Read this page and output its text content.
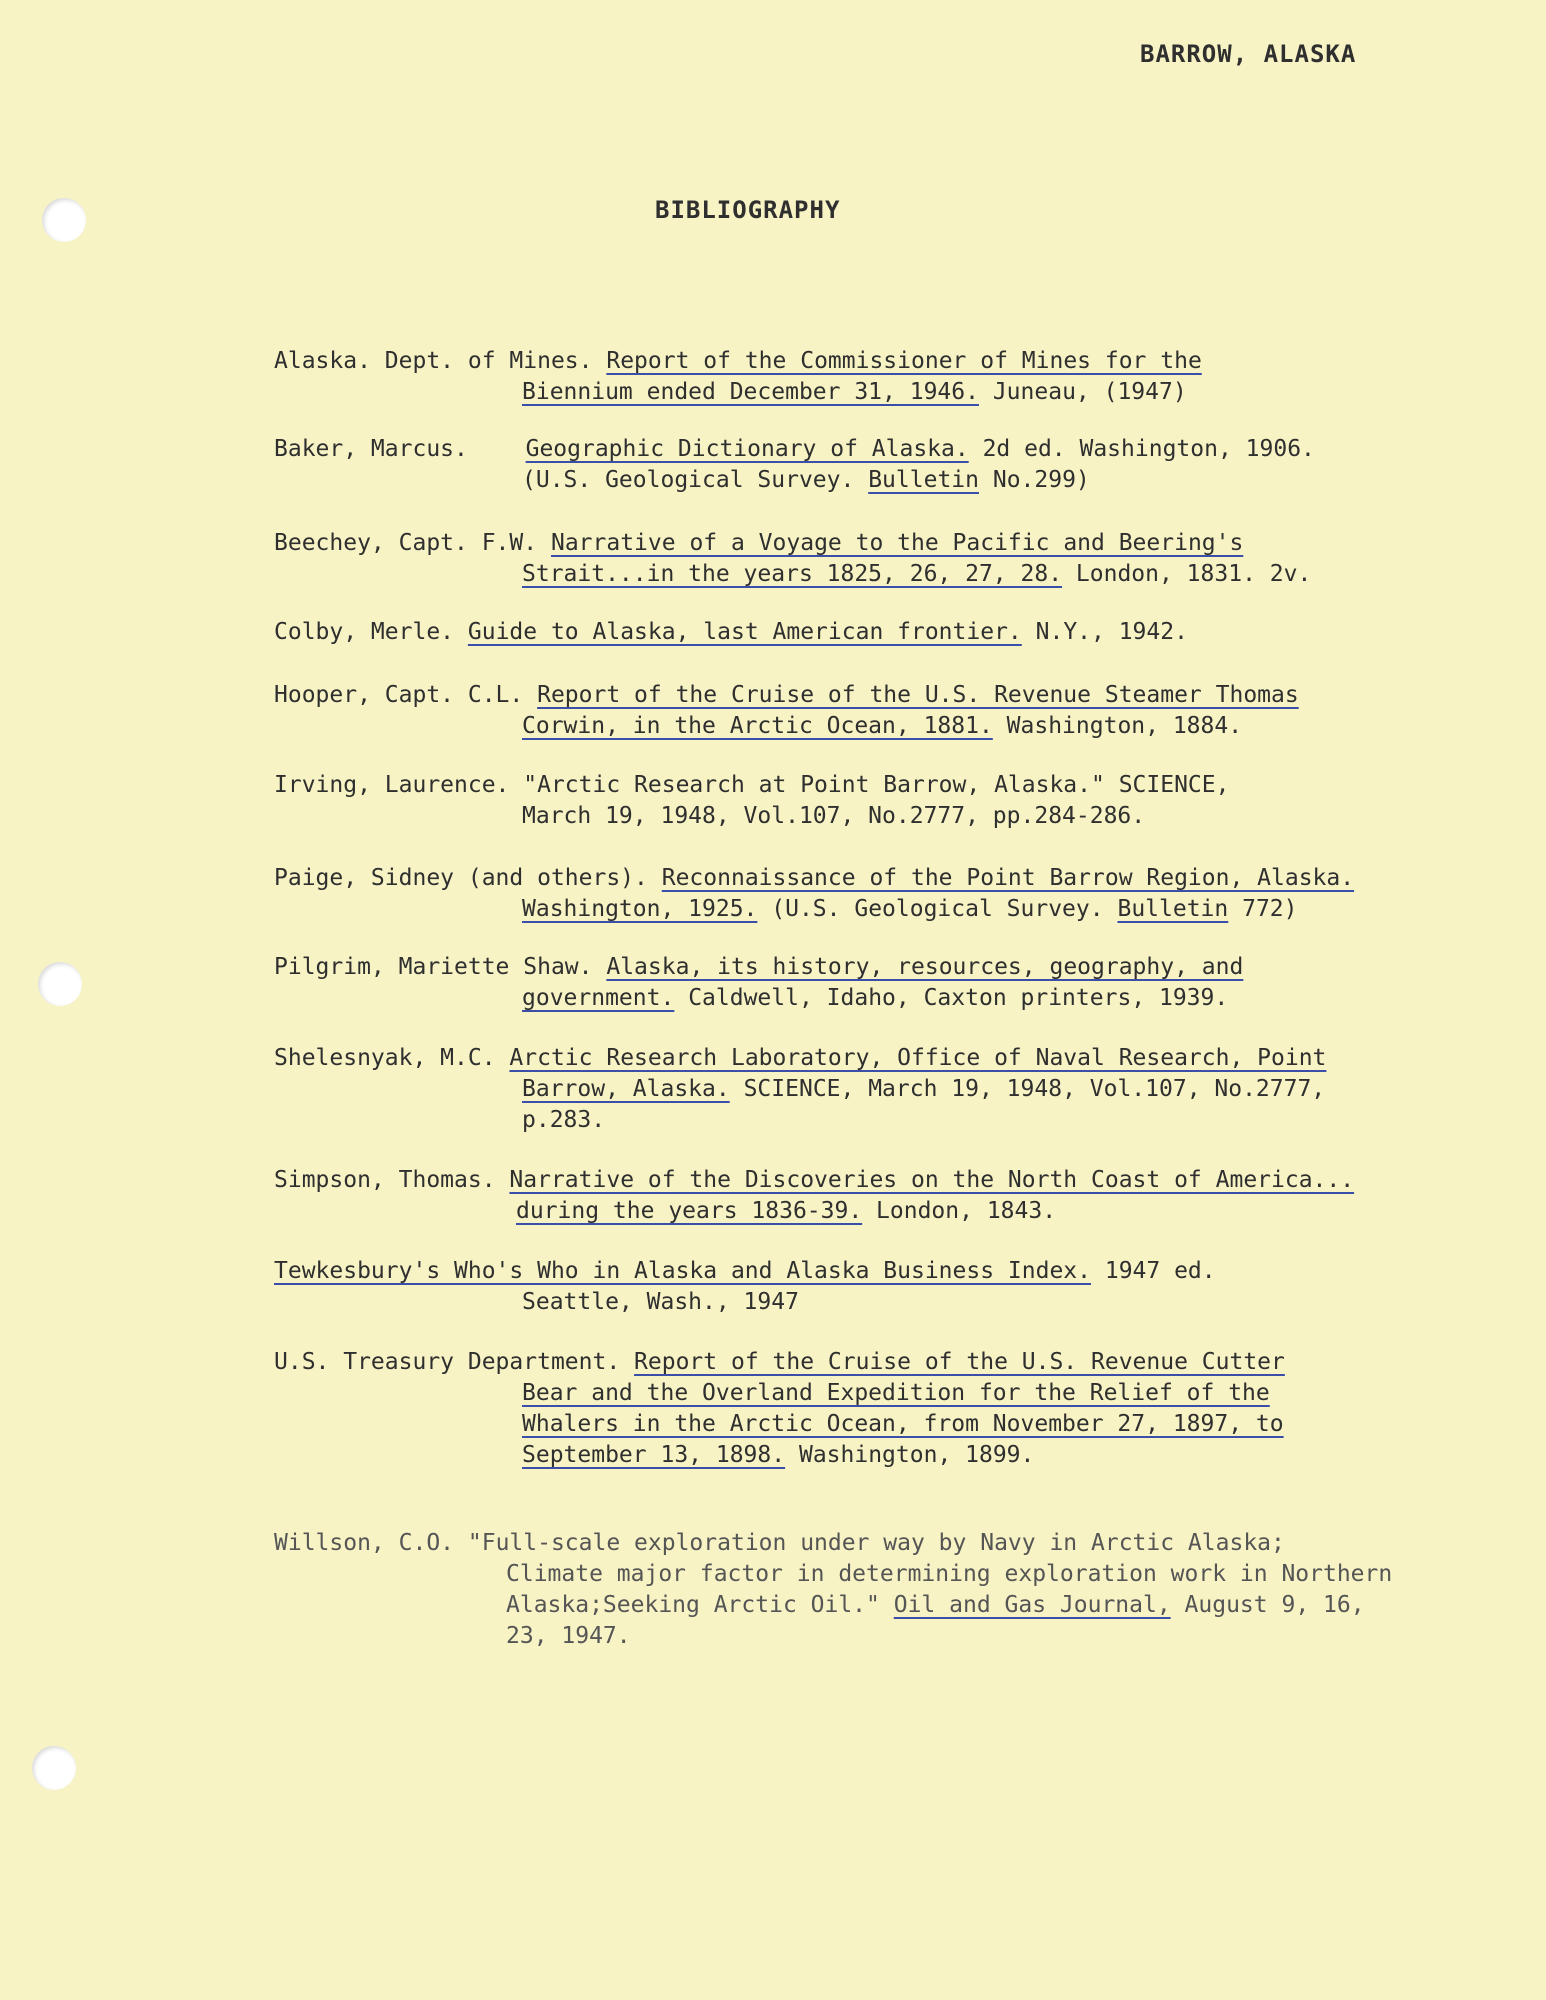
BARROW, ALASKA
BIBLIOGRAPHY
Alaska. Dept. of Mines. Report of the Commissioner of Mines for the
Biennium ended December 31, 1946. Juneau, (1947)
Baker, Marcus.	Geographic Dictionary of Alaska. 2d ed. Washington, 1906.
(U.S. Geological Survey. Bulletin No.299)
Beechey, Capt. F.W. Narrative of a Voyage to the Pacific and Beering's
Strait...in the years 1825, 26, 27, 28. London, 1831. 2v.
Colby, Merle. Guide to Alaska, last American frontier. N.Y., 1942.
Hooper, Capt. C.L. Report of the Cruise of the U.S. Revenue Steamer Thomas
Corwin, in the Arctic Ocean, 1881. Washington, 1884.
Irving, Laurence. "Arctic Research at Point Barrow, Alaska." SCIENCE,
March 19, 1948, Vol.107, No.2777, pp.284-286.
Paige, Sidney (and others). Reconnaissance of the Point Barrow Region, Alaska.
Washington, 1925. (U.S. Geological Survey. Bulletin 772)
Pilgrim, Mariette Shaw. Alaska, its history, resources, geography, and
government. Caldwell, Idaho, Caxton printers, 1939.
Shelesnyak, M.C. Arctic Research Laboratory, Office of Naval Research, Point
Barrow, Alaska. SCIENCE, March 19, 1948, Vol.107, No.2777,
p.283.
Simpson, Thomas. Narrative of the Discoveries on the North Coast of America...
during the years 1836-39. London, 1843.
Tewkesbury's Who's Who in Alaska and Alaska Business Index. 1947 ed.
Seattle, Wash., 1947
U.S. Treasury Department. Report of the Cruise of the U.S. Revenue Cutter
Bear and the Overland Expedition for the Relief of the
Whalers in the Arctic Ocean, from November 27, 1897, to
September 13, 1898. Washington, 1899.
Willson, C.O. "Full-scale exploration under way by Navy in Arctic Alaska;
Climate major factor in determining exploration work in Northern
Alaska;Seeking Arctic Oil." Oil and Gas Journal, August 9, 16,
23, 1947.
